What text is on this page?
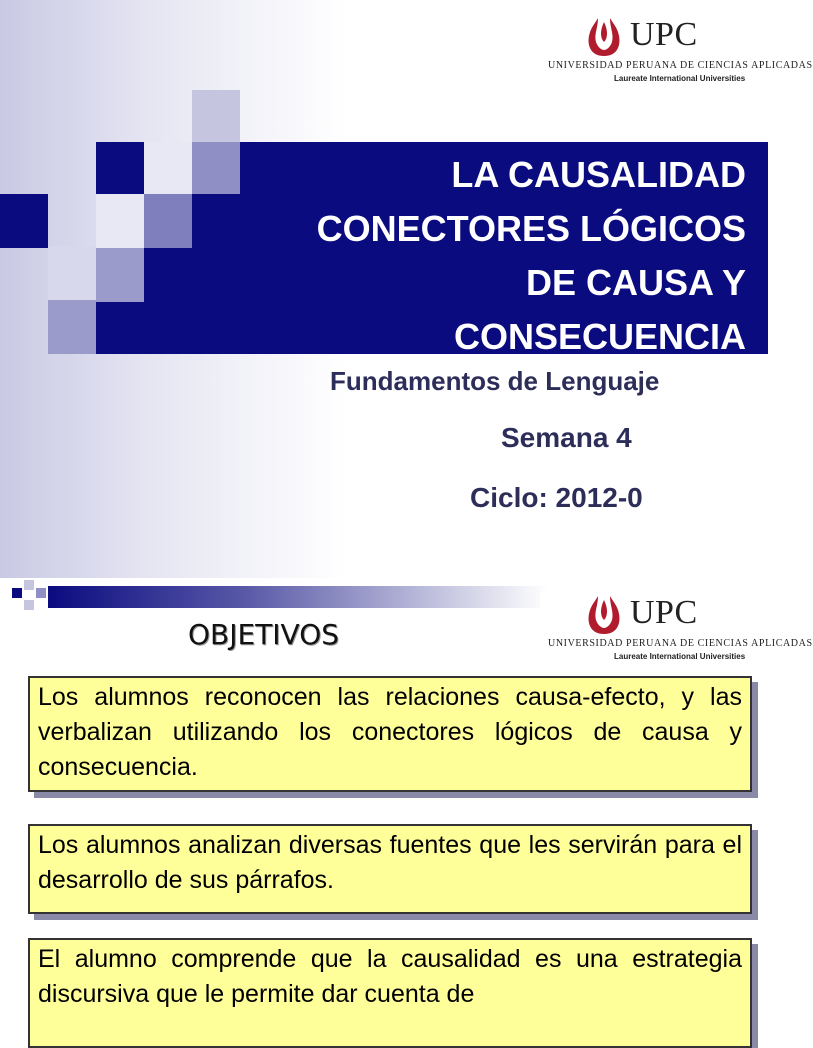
LA CAUSALIDAD
CONECTORES LÓGICOS
DE CAUSA Y
CONSECUENCIA
Fundamentos de Lenguaje
Semana 4
Ciclo: 2012-0
UPC
UNIVERSIDAD PERUANA DE CIENCIAS APLICADAS
Laureate International Universities
OBJETIVOS
UPC
UNIVERSIDAD PERUANA DE CIENCIAS APLICADAS
Laureate International Universities
Los alumnos reconocen las relaciones causa-efecto, y las verbalizan utilizando los conectores lógicos de causa y consecuencia.
Los alumnos analizan diversas fuentes que les servirán para el desarrollo de sus párrafos.
El alumno comprende que la causalidad es una estrategia discursiva que le permite dar cuenta de
